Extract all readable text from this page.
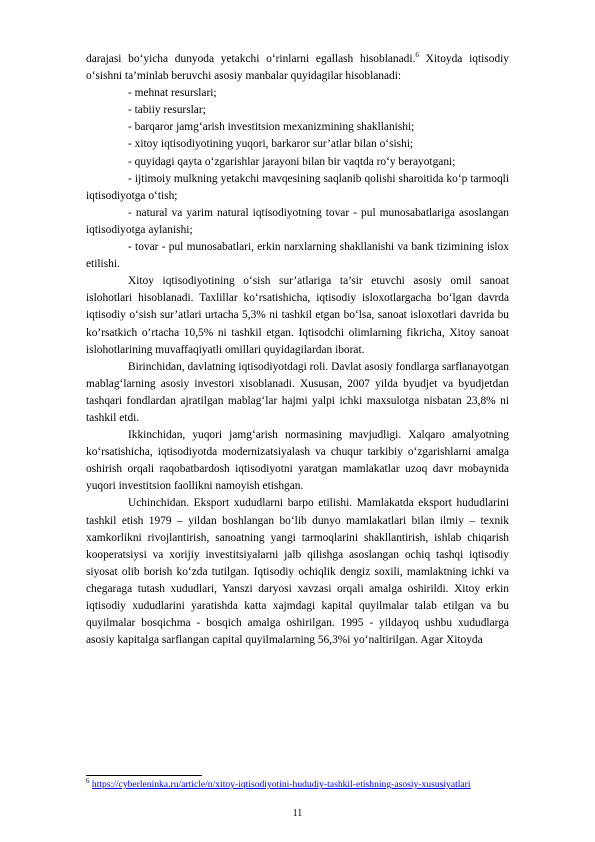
darajasi bo‘yicha dunyoda yetakchi o‘rinlarni egallash hisoblanadi.$^6$ Xitoyda iqtisodiy o‘sishni ta’minlab beruvchi asosiy manbalar quyidagilar hisoblanadi:

- mehnat resurslari;

- tabiiy resurslar;

- barqaror jamg‘arish investitsion mexanizmining shakllanishi;

- xitoy iqtisodiyotining yuqori, barkaror sur’atlar bilan o‘sishi;

- quyidagi qayta o‘zgarishlar jarayoni bilan bir vaqtda ro‘y berayotgani;

- ijtimoiy mulkning yetakchi mavqesining saqlanib qolishi sharoitida ko‘p tarmoqli iqtisodiyotga o‘tish;

- natural va yarim natural iqtisodiyotning tovar - pul munosabatlariga asoslangan iqtisodiyotga aylanishi;

- tovar - pul munosabatlari, erkin narxlarning shakllanishi va bank tizimining islox etilishi.

Xitoy iqtisodiyotining o‘sish sur’atlariga ta’sir etuvchi asosiy omil sanoat islohotlari hisoblanadi. Taxlillar ko‘rsatishicha, iqtisodiy isloxotlargacha bo‘lgan davrda iqtisodiy o‘sish sur’atlari urtacha 5,3% ni tashkil etgan bo‘lsa, sanoat isloxotlari davrida bu ko’rsatkich o’rtacha 10,5% ni tashkil etgan. Iqtisodchi olimlarning fikricha, Xitoy sanoat islohotlarining muvaffaqiyatli omillari quyidagilardan iborat.

Birinchidan, davlatning iqtisodiyotdagi roli. Davlat asosiy fondlarga sarflanayotgan mablag‘larning asosiy investori xisoblanadi. Xususan, 2007 yilda byudjet va byudjetdan tashqari fondlardan ajratilgan mablag‘lar hajmi yalpi ichki maxsulotga nisbatan 23,8% ni tashkil etdi.

Ikkinchidan, yuqori jamg‘arish normasining mavjudligi. Xalqaro amalyotning ko‘rsatishicha, iqtisodiyotda modernizatsiyalash va chuqur tarkibiy o‘zgarishlarni amalga oshirish orqali raqobatbardosh iqtisodiyotni yaratgan mamlakatlar uzoq davr mobaynida yuqori investitsion faollikni namoyish etishgan.

Uchinchidan. Eksport xududlarni barpo etilishi. Mamlakatda eksport hududlarini tashkil etish 1979 – yildan boshlangan bo‘lib dunyo mamlakatlari bilan ilmiy – texnik xamkorlikni rivojlantirish, sanoatning yangi tarmoqlarini shakllantirish, ishlab chiqarish kooperatsiysi va xorijiy investitsiyalarni jalb qilishga asoslangan ochiq tashqi iqtisodiy siyosat olib borish ko‘zda tutilgan. Iqtisodiy ochiqlik dengiz soxili, mamlaktning ichki va chegaraga tutash xududlari, Yanszi daryosi xavzasi orqali amalga oshirildi. Xitoy erkin iqtisodiy xududlarini yaratishda katta xajmdagi kapital quyilmalar talab etilgan va bu quyilmalar bosqichma - bosqich amalga oshirilgan. 1995 - yildayoq ushbu xududlarga asosiy kapitalga sarflangan capital quyilmalarning 56,3%i yo‘naltirilgan. Agar Xitoyda

$^6$ https://cyberleninka.ru/article/n/xitoy-iqtisodiyotini-hududiy-tashkil-etishning-asosiy-xususiyatlari
11
